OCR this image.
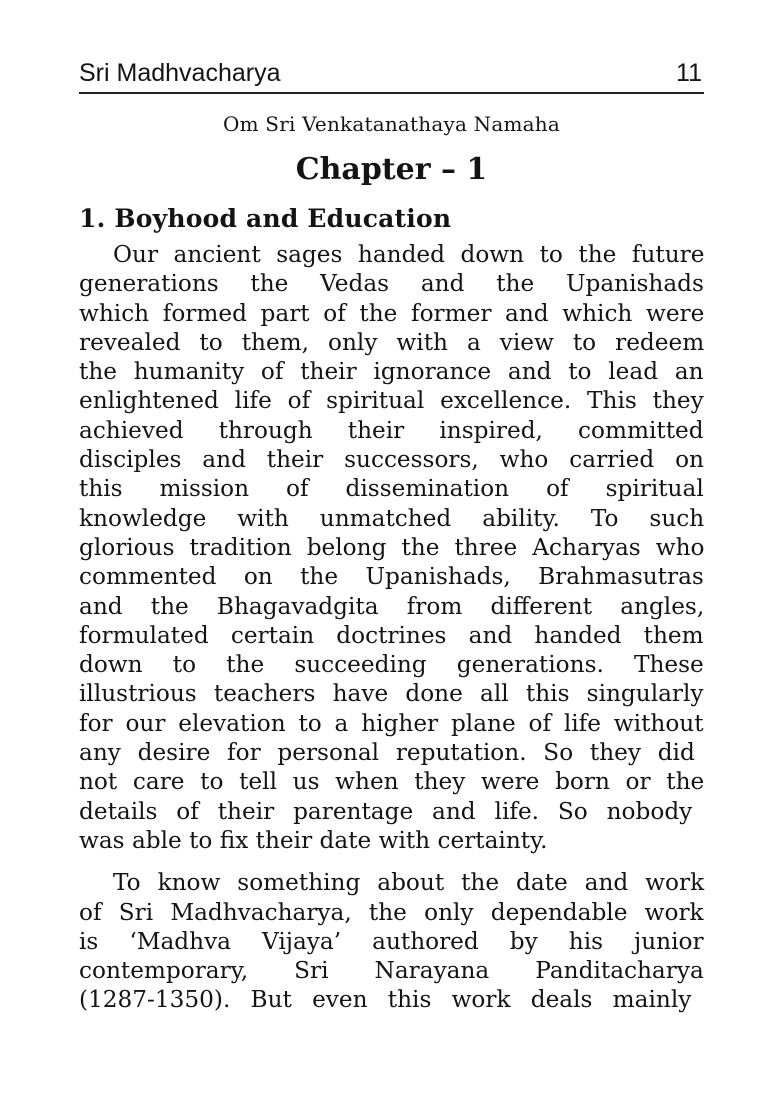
Sri Madhvacharya	11
Om Sri Venkatanathaya Namaha
Chapter – 1
1. Boyhood and Education
Our ancient sages handed down to the future
generations the Vedas and the Upanishads
which formed part of the former and which were
revealed to them, only with a view to redeem
the humanity of their ignorance and to lead an
enlightened life of spiritual excellence. This they
achieved through their inspired, committed
disciples and their successors, who carried on
this mission of dissemination of spiritual
knowledge with unmatched ability. To such
glorious tradition belong the three Acharyas who
commented on the Upanishads, Brahmasutras
and the Bhagavadgita from different angles,
formulated certain doctrines and handed them
down to the succeeding generations. These
illustrious teachers have done all this singularly
for our elevation to a higher plane of life without
any desire for personal reputation. So they did
not care to tell us when they were born or the
details of their parentage and life. So nobody
was able to fix their date with certainty.
To know something about the date and work
of Sri Madhvacharya, the only dependable work
is ‘Madhva Vijaya’ authored by his junior
contemporary, Sri Narayana Panditacharya
(1287-1350). But even this work deals mainly
